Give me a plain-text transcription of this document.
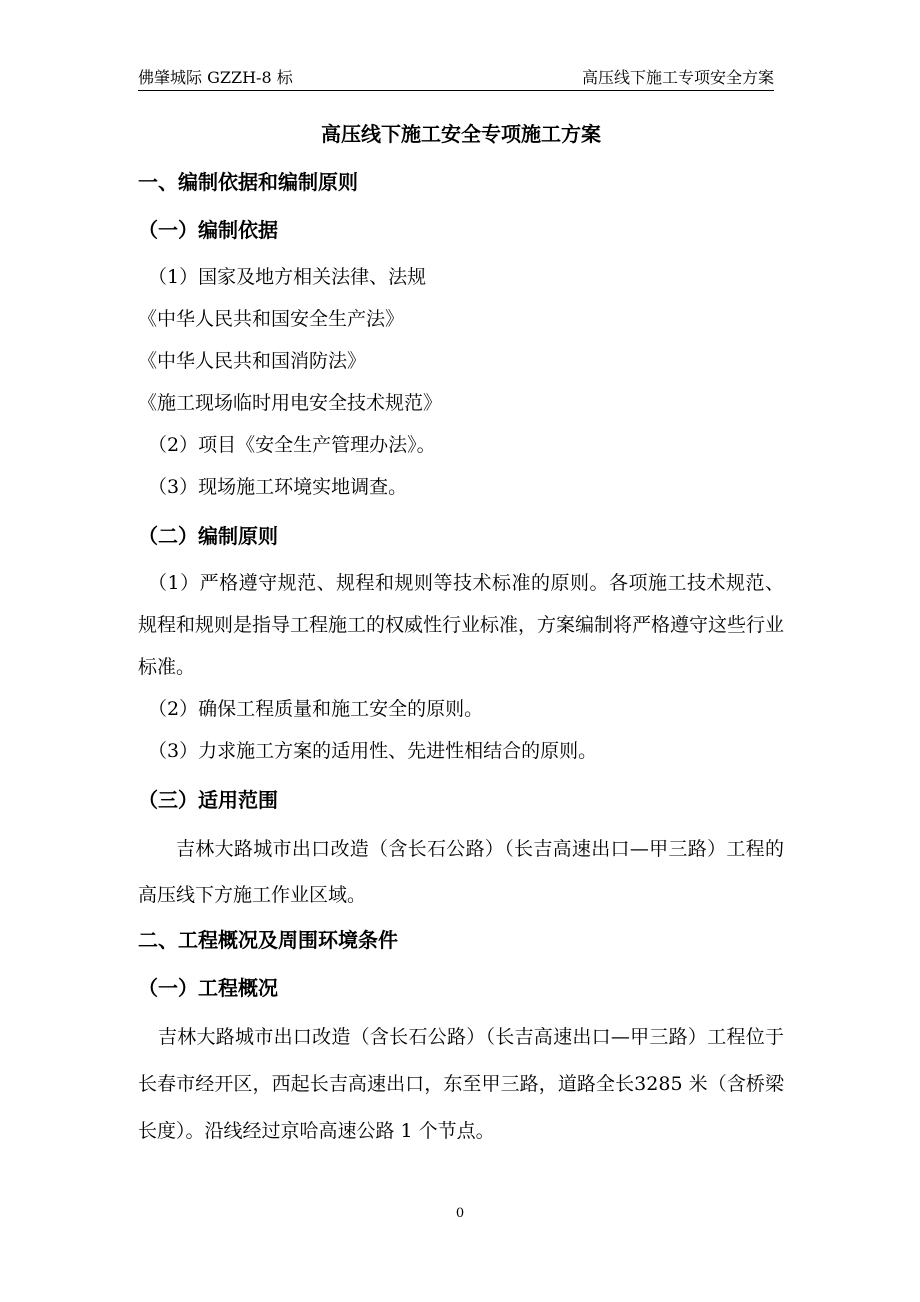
佛肇城际 GZZH-8 标	高压线下施工专项安全方案
高压线下施工安全专项施工方案
一、编制依据和编制原则
（一）编制依据

（1）国家及地方相关法律、法规

《中华人民共和国安全生产法》

《中华人民共和国消防法》

《施工现场临时用电安全技术规范》

（2）项目《安全生产管理办法》。

（3）现场施工环境实地调查。

（二）编制原则

（1）严格遵守规范、规程和规则等技术标准的原则。各项施工技术规范、规程和规则是指导工程施工的权威性行业标准，方案编制将严格遵守这些行业标准。

（2）确保工程质量和施工安全的原则。

（3）力求施工方案的适用性、先进性相结合的原则。

（三）适用范围

吉林大路城市出口改造（含长石公路）（长吉高速出口—甲三路）工程的高压线下方施工作业区域。

二、工程概况及周围环境条件
（一）工程概况

吉林大路城市出口改造（含长石公路）（长吉高速出口—甲三路）工程位于长春市经开区，西起长吉高速出口，东至甲三路，道路全长3285 米（含桥梁长度）。沿线经过京哈高速公路 1 个节点。

0
